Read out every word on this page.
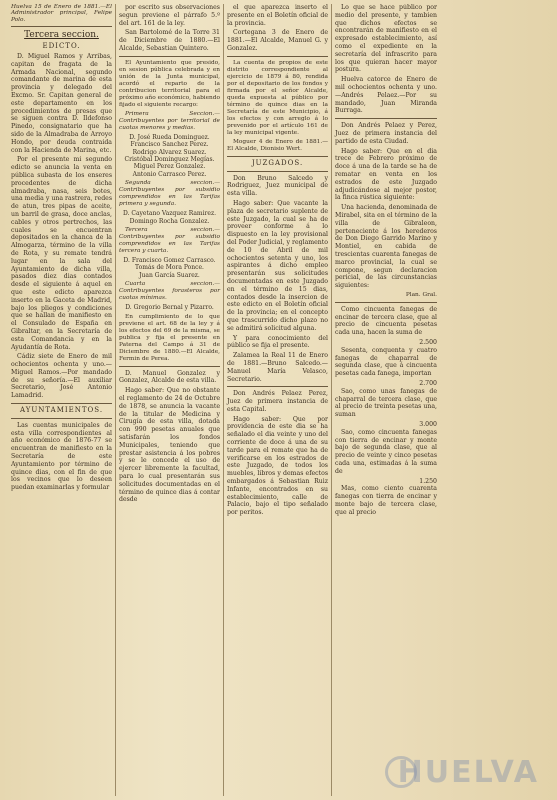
Huelva 15 de Enero de 1881.—El Administrador principal, Felipe Polo.
Tercera seccion.
EDICTO.

D. Miguel Ramos y Arribas, capitan de fragata de la Armada Nacional, segundo comandante de marina de esta provincia y delegado del Excmo. Sr. Capitan general de este departamento en los procedimientos de presas que se siguen contra D. Ildefonso Pinedo, consignatario que ha sido de la Almadraba de Arroyo Hondo, por deuda contraida con la Hacienda de Marina, etc.

Por el presente mi segundo edicto se anuncia la venta en pública subasta de los enseres procedentes de dicha almadraba, nasa, seis botes, una media y una rastrera, redes de atun, tres pipas de aceite, un barril de grasa, doce anclas, cables y otros pertrechos, las cuales se encuentran depositados en la chanca de la Almogarza, término de la villa de Rota, y su remate tendrá lugar en la sala del Ayuntamiento de dicha villa, pasados diez dias contados desde el siguiente á aquel en que este edicto aparezca inserto en la Gaceta de Madrid, bajo los pliegos y condiciones que se hallan de manifiesto en el Consulado de España en Gibraltar, en la Secretaría de esta Comandancia y en la Ayudantía de Rota.

Cádiz siete de Enero de mil ochocientos ochenta y uno.—Miguel Ramos.—Por mandado de su señoría.—El auxiliar Secretario, José Antonio Lamadrid.

AYUNTAMIENTOS.

Las cuentas municipales de esta villa correspondientes al año económico de 1876-77 se encuentran de manifiesto en la Secretaría de este Ayuntamiento por término de quince dias, con el fin de que los vecinos que lo deseen puedan examinarlas y formular

por escrito sus observaciones segun previene el párrafo 5.º del art. 161 de la ley.

San Bartolomé de la Torre 31 de Diciembre de 1880.—El Alcalde, Sebastian Quintero.

El Ayuntamiento que presido, en sesion pública celebrada y en unión de la Junta municipal, acordó el reparto de la contribucion territorial para el próximo año económico, habiendo fijado el siguiente recargo:

Primera Seccion.—Contribuyentes por territorial de cuotas menores y medias.

D. José Rueda Dominguez.
Francisco Sanchez Perez.
Rodrigo Alvarez Suarez.
Cristóbal Dominguez Megías.
Miguel Perez Gonzalez.
Antonio Carrasco Perez.

Segunda seccion.—Contribuyentes por subsidio comprendidos en las Tarifas primera y segunda.

D. Cayetano Vazquez Ramirez.
Domingo Rocha Gonzalez.

Tercera seccion.—Contribuyentes por subsidio comprendidos en las Tarifas tercera y cuarta.

D. Francisco Gomez Carrasco.
Tomás de Mora Ponce.
Juan García Suarez.

Cuarta seccion.—Contribuyentes forasteros por cuotas mínimas.

D. Gregorio Bernal y Pizarro.

En cumplimiento de lo que previene el art. 68 de la ley y á los efectos del 69 de la misma, se publica y fija el presente en Paterna del Campo á 31 de Diciembre de 1880.—El Alcalde, Fermin de Perea.

D. Manuel Gonzalez y Gonzalez, Alcalde de esta villa.

Hago saber: Que no obstante el reglamento de 24 de Octubre de 1878, se anuncia la vacante de la titular de Medicina y Cirugía de esta villa, dotada con 990 pesetas anuales que satisfarán los fondos Municipales, teniendo que prestar asistencia á los pobres y se le concede el uso de ejercer libremente la facultad, para lo cual presentarán sus solicitudes documentadas en el término de quince dias á contar desde

el que aparezca inserto el presente en el Boletín oficial de la provincia.

Cortegana 3 de Enero de 1881.—El Alcalde, Manuel G. y Gonzalez.

La cuenta de propios de este distrito correspondiente al ejercicio de 1879 á 80, rendida por el depositario de los fondos y firmada por el señor Alcalde, queda expuesta al público por término de quince dias en la Secretaría de este Municipio, á los efectos y con arreglo á lo prevenido por el artículo 161 de la ley municipal vigente.

Moguer 4 de Enero de 1881.—El Alcalde, Dionisio Wert.

JUZGADOS.

Don Bruno Salcedo y Rodriguez, Juez municipal de esta villa.

Hago saber: Que vacante la plaza de secretario suplente de este Juzgado, la cual se ha de proveer conforme á lo dispuesto en la ley provisional del Poder Judicial, y reglamento de 10 de Abril de mil ochocientos setenta y uno, los aspirantes á dicho empleo presentarán sus solicitudes documentadas en este Juzgado en el término de 15 dias, contados desde la insercion de este edicto en el Boletín oficial de la provincia; en el concepto que trascurrido dicho plazo no se admitirá solicitud alguna.

Y para conocimiento del público se fija el presente.

Zalamea la Real 11 de Enero de 1881.—Bruno Salcedo.—Manuel María Velasco, Secretario.

Don Andrés Pelaez Perez, Juez de primera instancia de esta Capital.

Hago saber: Que por providencia de este dia se ha señalado el dia veinte y uno del corriente de doce á una de su tarde para el remate que ha de verificarse en los estrados de este Juzgado, de todos los muebles, libros y demas efectos embargados á Sebastian Ruiz Infante, encontrados en su establecimiento, calle de Palacio, bajo el tipo señalado por peritos.

Lo que se hace público por medio del presente, y tambien que dichos efectos se encontrarán de manifiesto en el expresado establecimiento, así como el expediente en la secretaría del infrascrito para los que quieran hacer mayor postura.

Huelva catorce de Enero de mil ochocientos ochenta y uno.—Andrés Pelaez.—Por su mandado, Juan Miranda Burraga.

Don Andrés Pelaez y Perez, Juez de primera instancia del partido de esta Ciudad.

Hago saber: Que en el dia trece de Febrero próximo de doce á una de la tarde se ha de rematar en venta en los estrados de este Juzgado adjudicándose al mejor postor, la finca rústica siguiente:

Una hacienda, denominada de Mirabel, sita en el término de la villa de Gibraleon, perteneciente á los herederos de Don Diego Garrido Marino y Montiel, en cabida de trescientas cuarenta fanegas de marco provincial, la cual se compone, segun declaracion pericial, de las circunstancias siguientes:

Plan. Gral.

Como cincuenta fanegas de encinar de tercera clase, que al precio de cincuenta pesetas cada una, hacen la suma de

2.500

Sesenta, conquenta y cuatro fanegas de chaparral de segunda clase, que á cincuenta pesetas cada fanega, importan

2.700

Sao, como unas fanegas de chaparral de tercera clase, que al precio de treinta pesetas una, suman

3.000

Sao, como cincuenta fanegas con tierra de encinar y monte bajo de segunda clase, que al precio de veinte y cinco pesetas cada una, estimadas á la suma de

1.250

Mas, como ciento cuarenta fanegas con tierra de encinar y monte bajo de tercera clase, que al precio

HUELVA
